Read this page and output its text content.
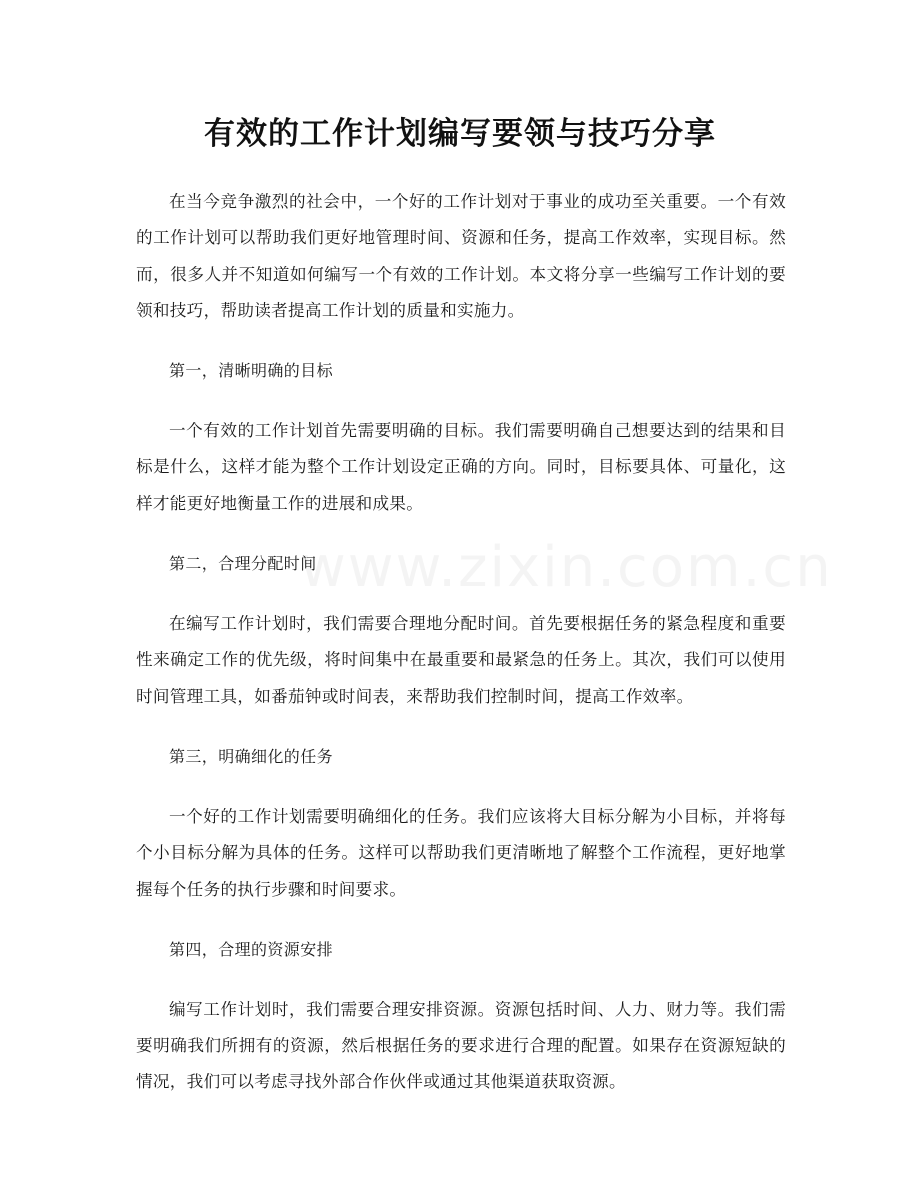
有效的工作计划编写要领与技巧分享
www.zixin.com.cn

在当今竞争激烈的社会中，一个好的工作计划对于事业的成功至关重要。一个有效的工作计划可以帮助我们更好地管理时间、资源和任务，提高工作效率，实现目标。然而，很多人并不知道如何编写一个有效的工作计划。本文将分享一些编写工作计划的要领和技巧，帮助读者提高工作计划的质量和实施力。

第一，清晰明确的目标

一个有效的工作计划首先需要明确的目标。我们需要明确自己想要达到的结果和目标是什么，这样才能为整个工作计划设定正确的方向。同时，目标要具体、可量化，这样才能更好地衡量工作的进展和成果。

第二，合理分配时间

在编写工作计划时，我们需要合理地分配时间。首先要根据任务的紧急程度和重要性来确定工作的优先级，将时间集中在最重要和最紧急的任务上。其次，我们可以使用时间管理工具，如番茄钟或时间表，来帮助我们控制时间，提高工作效率。

第三，明确细化的任务

一个好的工作计划需要明确细化的任务。我们应该将大目标分解为小目标，并将每个小目标分解为具体的任务。这样可以帮助我们更清晰地了解整个工作流程，更好地掌握每个任务的执行步骤和时间要求。

第四，合理的资源安排

编写工作计划时，我们需要合理安排资源。资源包括时间、人力、财力等。我们需要明确我们所拥有的资源，然后根据任务的要求进行合理的配置。如果存在资源短缺的情况，我们可以考虑寻找外部合作伙伴或通过其他渠道获取资源。
